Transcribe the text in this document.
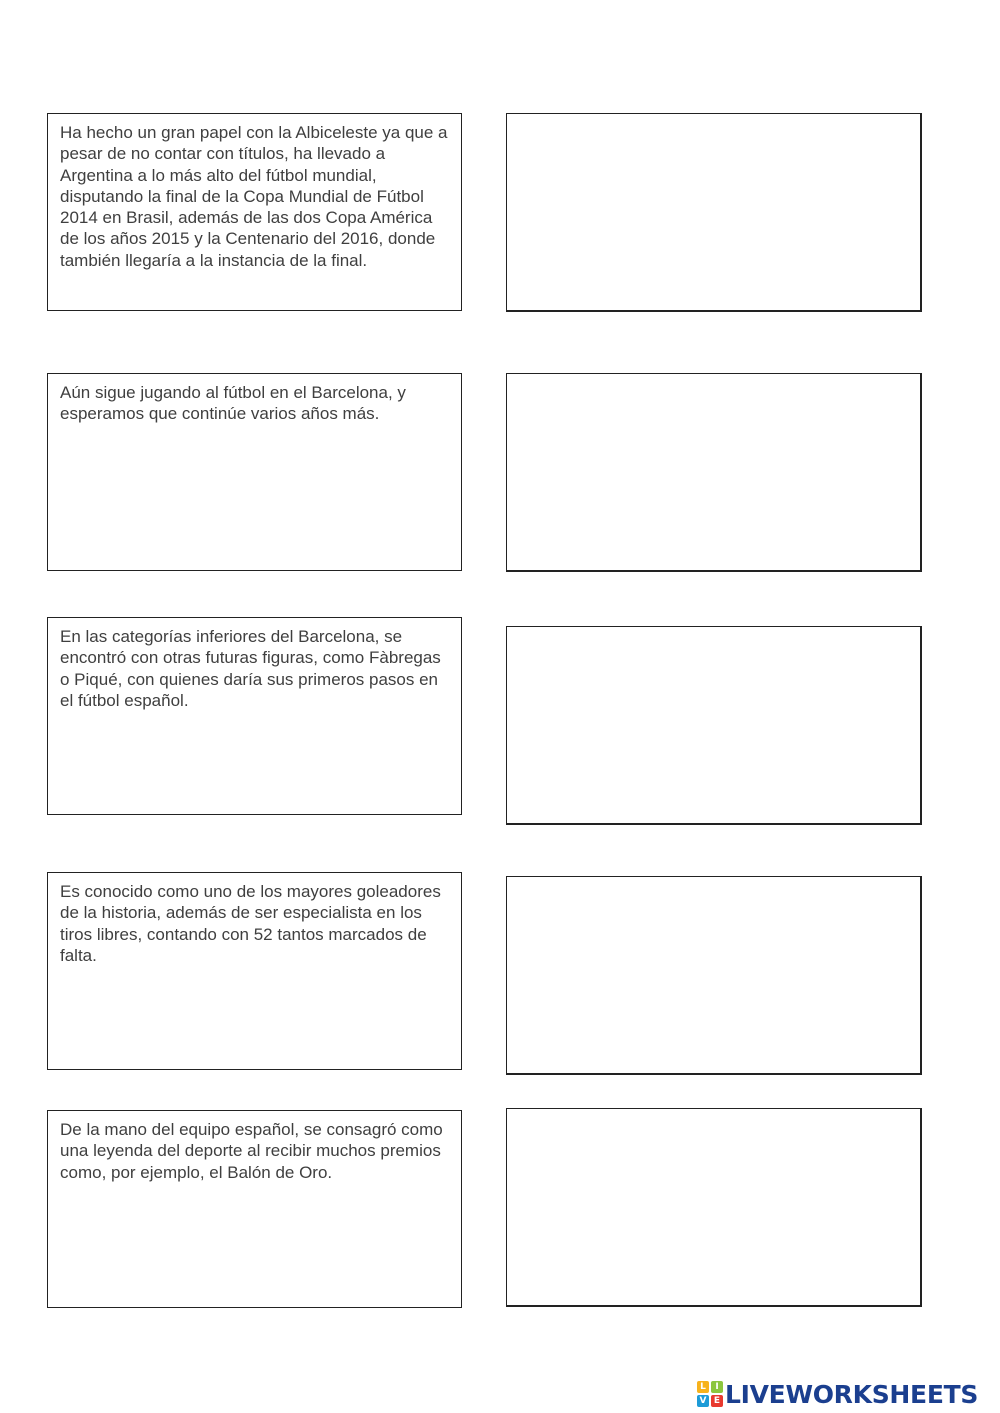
Ha hecho un gran papel con la Albiceleste ya que a pesar de no contar con títulos, ha llevado a Argentina a lo más alto del fútbol mundial, disputando la final de la Copa Mundial de Fútbol 2014 en Brasil, además de las dos Copa América de los años 2015 y la Centenario del 2016, donde también llegaría a la instancia de la final.

Aún sigue jugando al fútbol en el Barcelona, y esperamos que continúe varios años más.

En las categorías inferiores del Barcelona, se encontró con otras futuras figuras, como Fàbregas o Piqué, con quienes daría sus primeros pasos en el fútbol español.

Es conocido como uno de los mayores goleadores de la historia, además de ser especialista en los tiros libres, contando con 52 tantos marcados de falta.

De la mano del equipo español, se consagró como una leyenda del deporte al recibir muchos premios como, por ejemplo, el Balón de Oro.

L	I
V E LIVEWORKSHEETS
